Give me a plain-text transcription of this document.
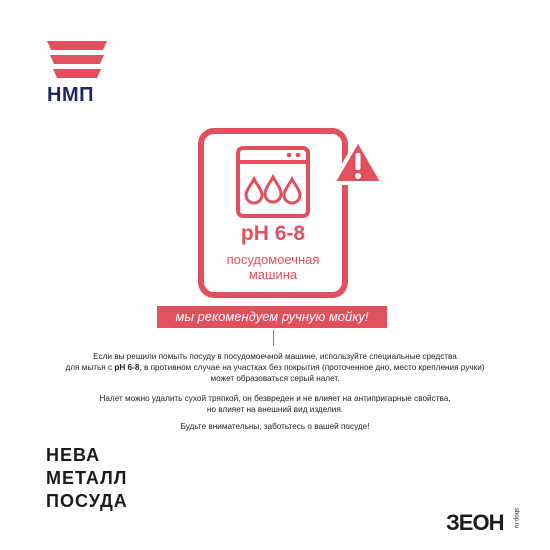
НМП
pH 6-8
посудомоечная
машина
мы рекомендуем ручную мойку!
Если вы решили помыть посуду в посудомоечной машине, используйте специальные средства
для мытья с pH 6-8, в противном случае на участках без покрытия (проточенное дно, место крепления ручки)
может образоваться серый налет.
Налет можно удалить сухой тряпкой, он безвреден и не влияет на антипригарные свойства,
но влияет на внешний вид изделия.
Будьте внимательны, заботьтесь о вашей посуде!
НЕВА
МЕТАЛЛ
ПОСУДА
ЗЕОН shop.ru
